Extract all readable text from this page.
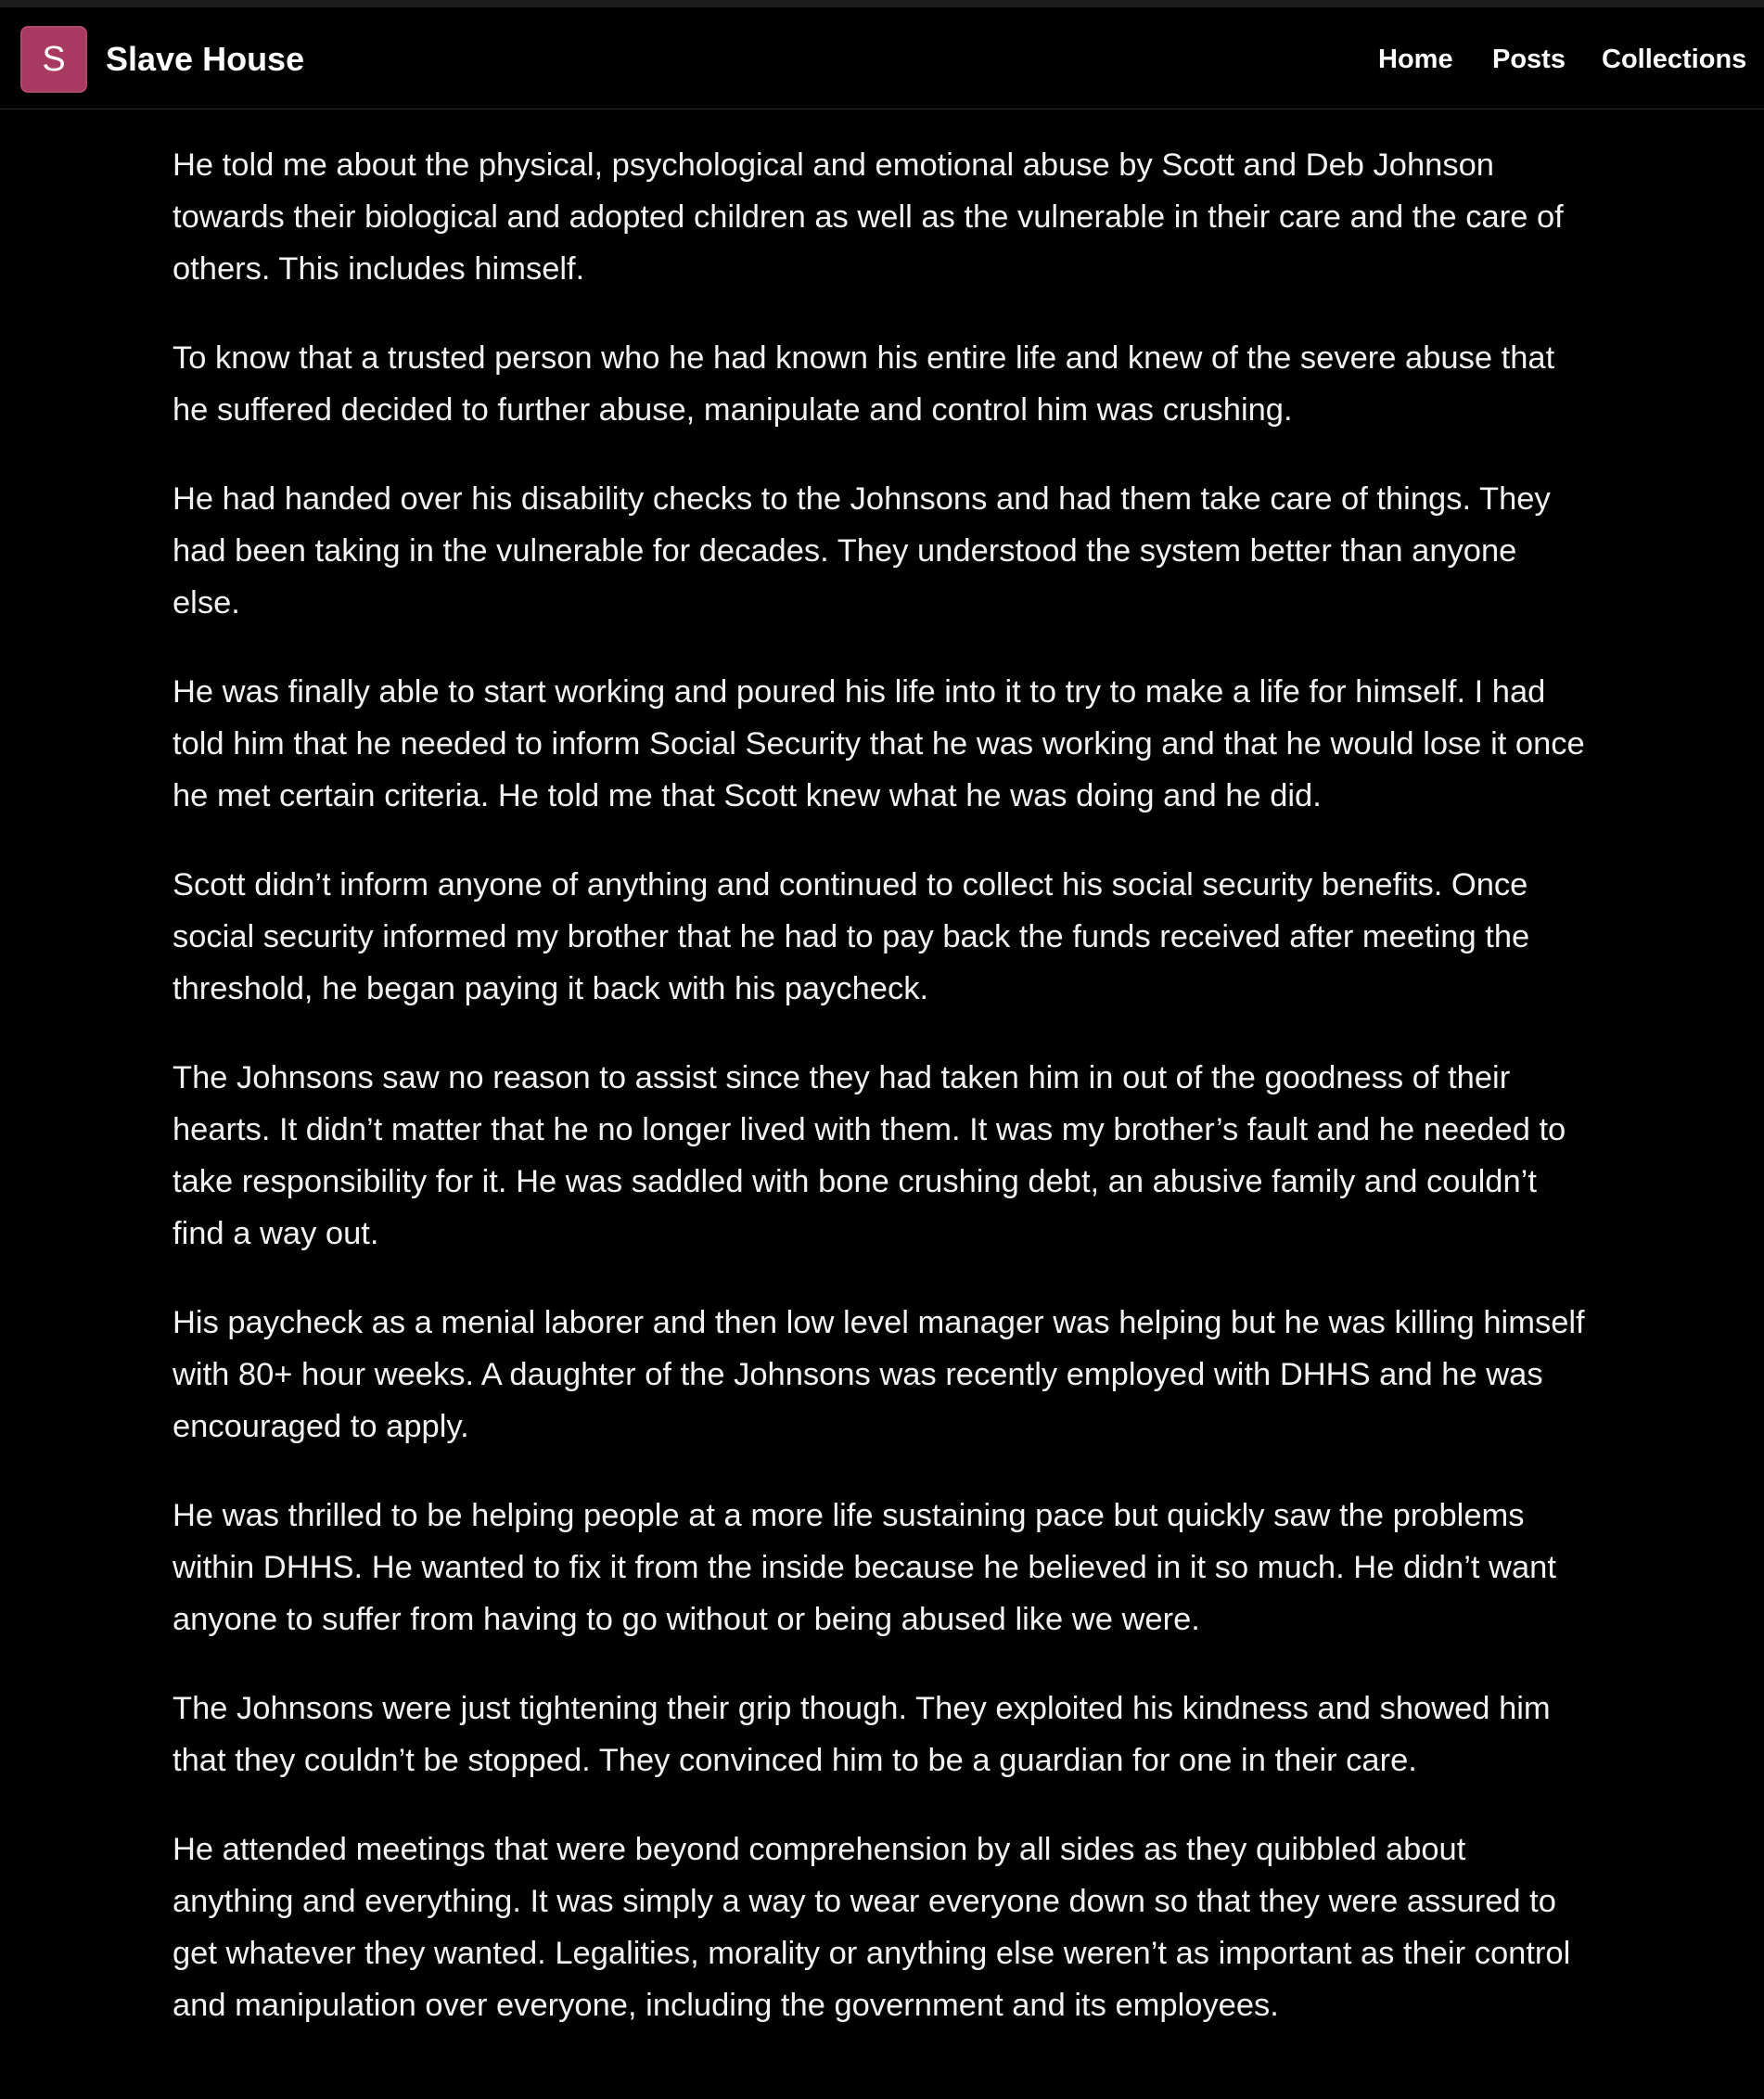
S Slave House	Home Posts Collections

He told me about the physical, psychological and emotional abuse by Scott and Deb Johnson towards their biological and adopted children as well as the vulnerable in their care and the care of others. This includes himself.

To know that a trusted person who he had known his entire life and knew of the severe abuse that he suffered decided to further abuse, manipulate and control him was crushing.

He had handed over his disability checks to the Johnsons and had them take care of things. They had been taking in the vulnerable for decades. They understood the system better than anyone else.

He was finally able to start working and poured his life into it to try to make a life for himself. I had told him that he needed to inform Social Security that he was working and that he would lose it once he met certain criteria. He told me that Scott knew what he was doing and he did.

Scott didn’t inform anyone of anything and continued to collect his social security benefits. Once social security informed my brother that he had to pay back the funds received after meeting the threshold, he began paying it back with his paycheck.

The Johnsons saw no reason to assist since they had taken him in out of the goodness of their hearts. It didn’t matter that he no longer lived with them. It was my brother’s fault and he needed to take responsibility for it. He was saddled with bone crushing debt, an abusive family and couldn’t find a way out.

His paycheck as a menial laborer and then low level manager was helping but he was killing himself with 80+ hour weeks. A daughter of the Johnsons was recently employed with DHHS and he was encouraged to apply.

He was thrilled to be helping people at a more life sustaining pace but quickly saw the problems within DHHS. He wanted to fix it from the inside because he believed in it so much. He didn’t want anyone to suffer from having to go without or being abused like we were.

The Johnsons were just tightening their grip though. They exploited his kindness and showed him that they couldn’t be stopped. They convinced him to be a guardian for one in their care.

He attended meetings that were beyond comprehension by all sides as they quibbled about anything and everything. It was simply a way to wear everyone down so that they were assured to get whatever they wanted. Legalities, morality or anything else weren’t as important as their control and manipulation over everyone, including the government and its employees.
